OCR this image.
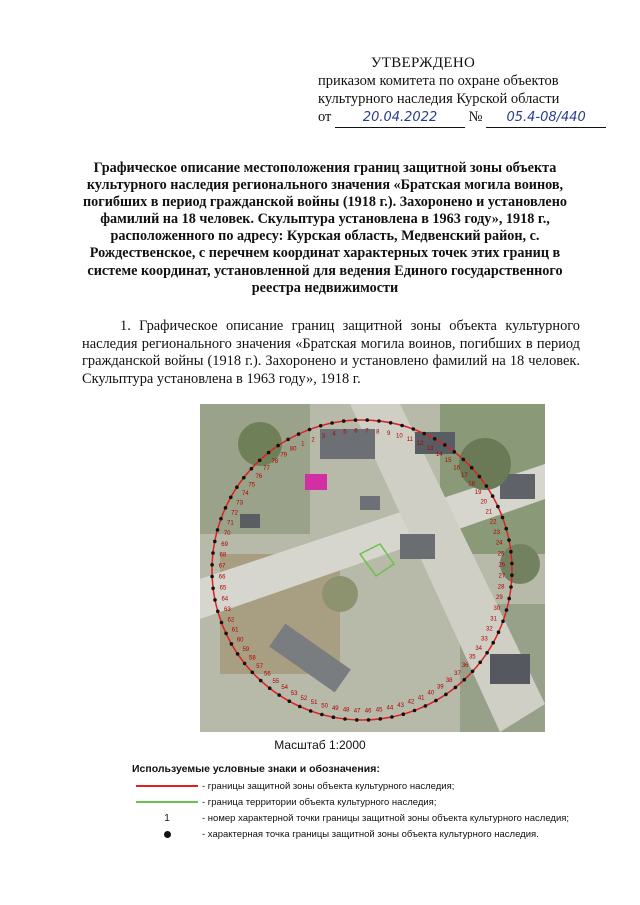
УТВЕРЖДЕНО
приказом комитета по охране объектов
культурного наследия Курской области
от 20.04.2022 № 05.4-08/440
Графическое описание местоположения границ защитной зоны объекта культурного наследия регионального значения «Братская могила воинов, погибших в период гражданской войны (1918 г.). Захоронено и установлено фамилий на 18 человек. Скульптура установлена в 1963 году», 1918 г., расположенного по адресу: Курская область, Медвенский район, с. Рождественское, с перечнем координат характерных точек этих границ в системе координат, установленной для ведения Единого государственного реестра недвижимости
1. Графическое описание границ защитной зоны объекта культурного наследия регионального значения «Братская могила воинов, погибших в период гражданской войны (1918 г.). Захоронено и установлено фамилий на 18 человек. Скульптура установлена в 1963 году», 1918 г.
1
2
3 4 5 6 7 8 9 10
11
12
13
14
15
16
17
18
19
20
21
22
23
24
25
26
27
28
29
30
31
32
33
34
35
36
37
38
39
40
41
42
43
44
45
46
47
48
49
50
51
52
53
54
55
56
57
58
59
60
61
62
63
64
65
66
67
68
69
70
71
72
73
74
75
76
77
78
79
80
Масштаб 1:2000
Используемые условные знаки и обозначения:
- границы защитной зоны объекта культурного наследия;
- граница территории объекта культурного наследия;
1	- номер характерной точки границы защитной зоны объекта культурного наследия;
- характерная точка границы защитной зоны объекта культурного наследия.
